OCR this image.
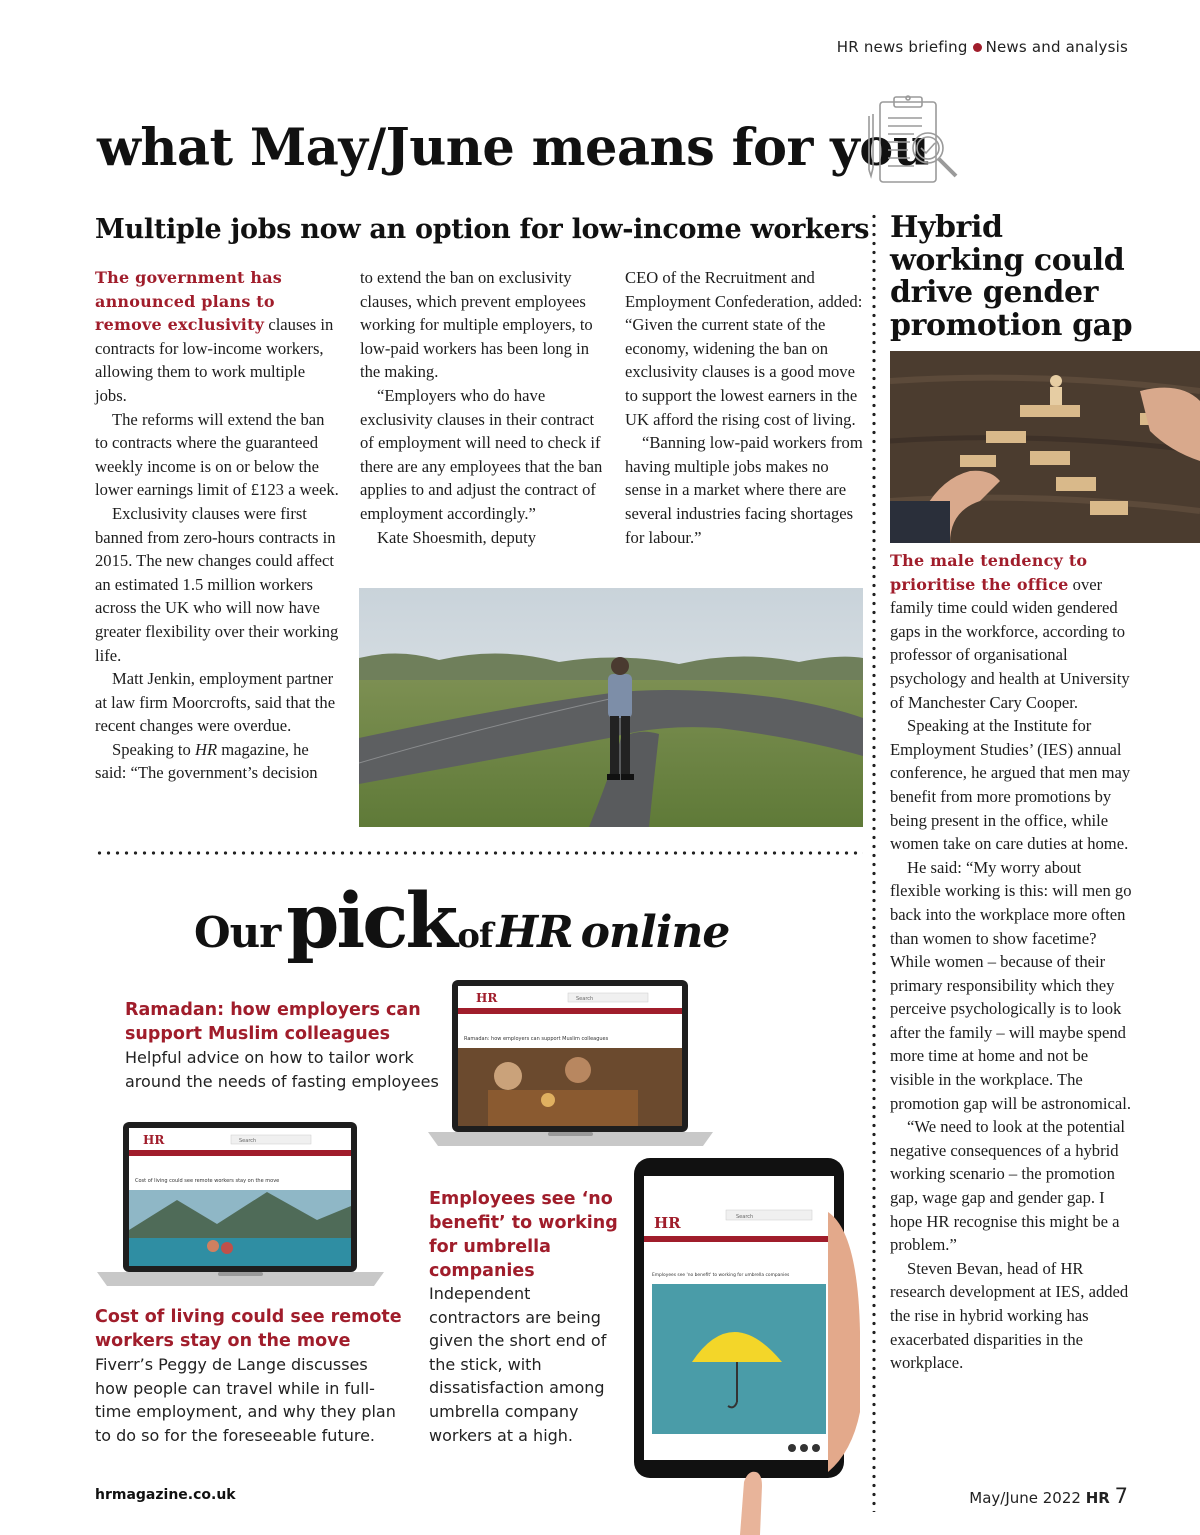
HR news briefing News and analysis
what May/June means for you
Multiple jobs now an option for low-income workers

The government has announced plans to remove exclusivity clauses in contracts for low-income workers, allowing them to work multiple jobs.

The reforms will extend the ban to contracts where the guaranteed weekly income is on or below the lower earnings limit of £123 a week.

Exclusivity clauses were first banned from zero-hours contracts in 2015. The new changes could affect an estimated 1.5 million workers across the UK who will now have greater flexibility over their working life.

Matt Jenkin, employment partner at law firm Moorcrofts, said that the recent changes were overdue.

Speaking to HR magazine, he said: “The government’s decision

to extend the ban on exclusivity clauses, which prevent employees working for multiple employers, to low-paid workers has been long in the making.

“Employers who do have exclusivity clauses in their contract of employment will need to check if there are any employees that the ban applies to and adjust the contract of employment accordingly.”

Kate Shoesmith, deputy

CEO of the Recruitment and Employment Confederation, added: “Given the current state of the economy, widening the ban on exclusivity clauses is a good move to support the lowest earners in the UK afford the rising cost of living.

“Banning low-paid workers from having multiple jobs makes no sense in a market where there are several industries facing shortages for labour.”

Our pickofHR online
Ramadan: how employers can support Muslim colleagues
Helpful advice on how to tailor work around the needs of fasting employees
Cost of living could see remote workers stay on the move
Fiverr’s Peggy de Lange discusses how people can travel while in full-time employment, and why they plan to do so for the foreseeable future.
Employees see ‘no benefit’ to working for umbrella companies
Independent contractors are being given the short end of the stick, with dissatisfaction among umbrella company workers at a high.
HR	Search
Ramadan: how employers can support Muslim colleagues
HR	Search
Cost of living could see remote workers stay on the move
HR	Search
Employees see 'no benefit' to working for umbrella companies
Hybrid working could drive gender promotion gap

The male tendency to prioritise the office over family time could widen gendered gaps in the workforce, according to professor of organisational psychology and health at University of Manchester Cary Cooper.

Speaking at the Institute for Employment Studies’ (IES) annual conference, he argued that men may benefit from more promotions by being present in the office, while women take on care duties at home.

He said: “My worry about flexible working is this: will men go back into the workplace more often than women to show facetime? While women – because of their primary responsibility which they perceive psychologically is to look after the family – will maybe spend more time at home and not be visible in the workplace. The promotion gap will be astronomical.

“We need to look at the potential negative consequences of a hybrid working scenario – the promotion gap, wage gap and gender gap. I hope HR recognise this might be a problem.”

Steven Bevan, head of HR research development at IES, added the rise in hybrid working has exacerbated disparities in the workplace.

hrmagazine.co.uk	May/June 2022 HR 7
